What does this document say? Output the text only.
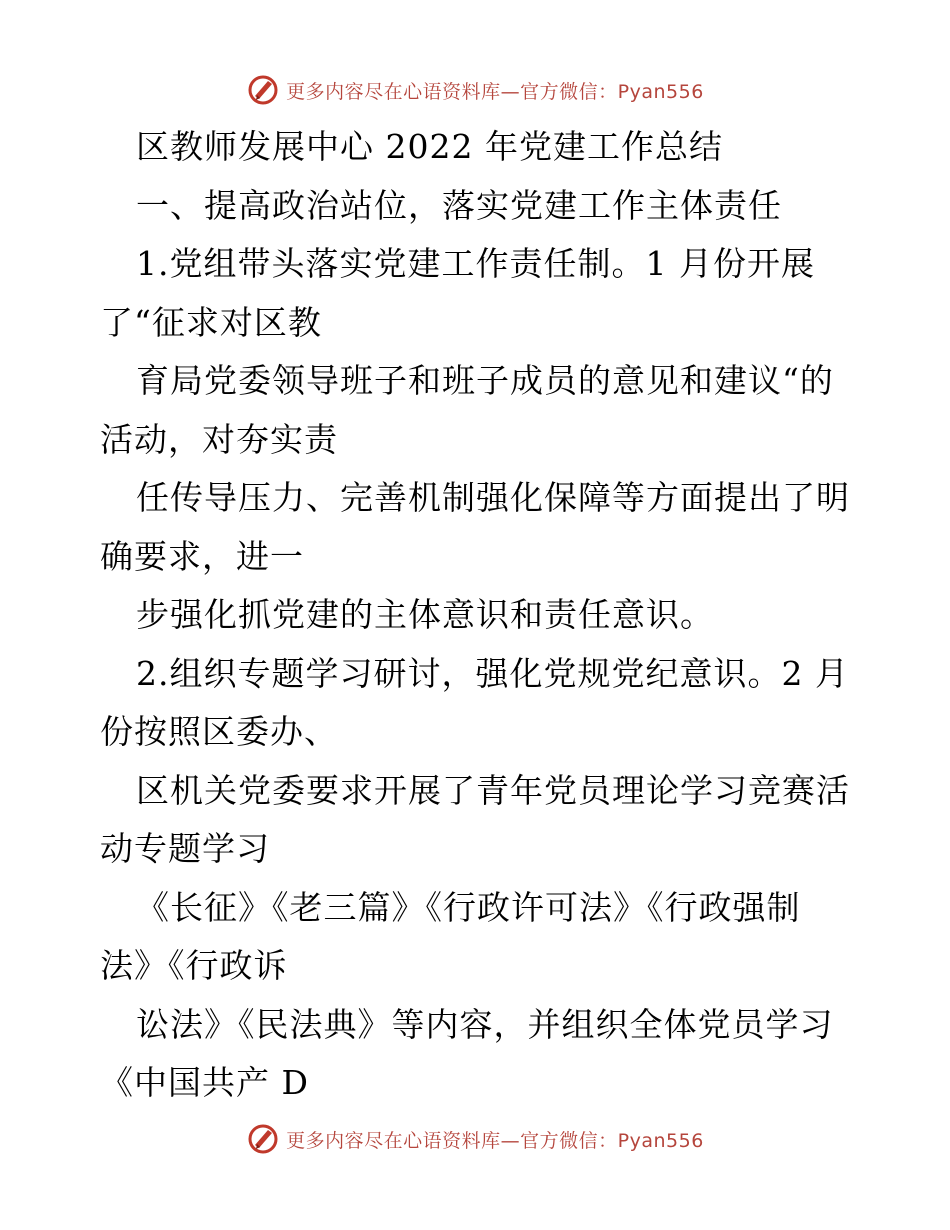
更多内容尽在心语资料库—官方微信：Pyan556
区教师发展中心 2022 年党建工作总结
一、提高政治站位，落实党建工作主体责任
1.党组带头落实党建工作责任制。1 月份开展
了“征求对区教
育局党委领导班子和班子成员的意见和建议“的
活动，对夯实责
任传导压力、完善机制强化保障等方面提出了明
确要求，进一
步强化抓党建的主体意识和责任意识。
2.组织专题学习研讨，强化党规党纪意识。2 月
份按照区委办、
区机关党委要求开展了青年党员理论学习竞赛活
动专题学习
《长征》《老三篇》《行政许可法》《行政强制
法》《行政诉
讼法》《民法典》等内容，并组织全体党员学习
《中国共产 D
更多内容尽在心语资料库—官方微信：Pyan556
